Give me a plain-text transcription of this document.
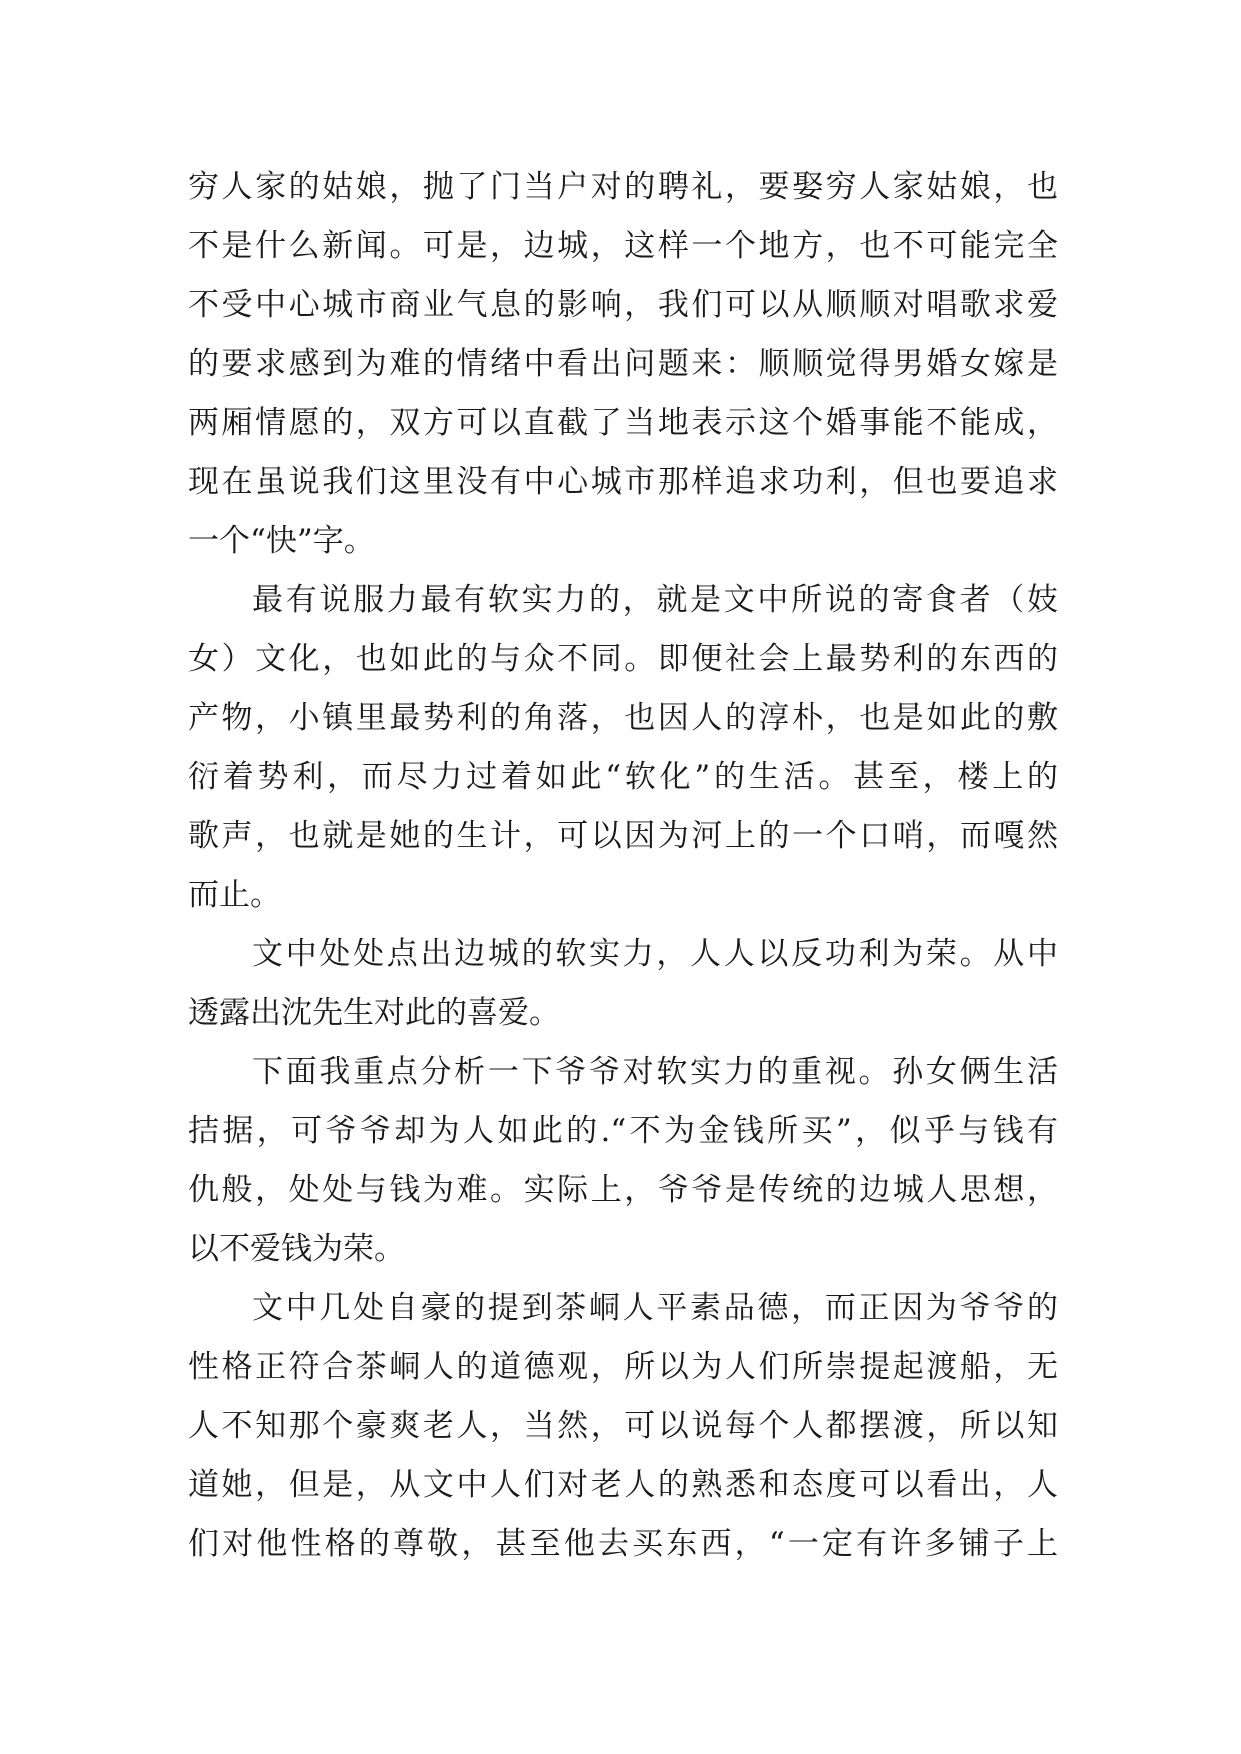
穷人家的姑娘，抛了门当户对的聘礼，要娶穷人家姑娘，也
不是什么新闻。可是，边城，这样一个地方，也不可能完全
不受中心城市商业气息的影响，我们可以从顺顺对唱歌求爱
的要求感到为难的情绪中看出问题来：顺顺觉得男婚女嫁是
两厢情愿的，双方可以直截了当地表示这个婚事能不能成，
现在虽说我们这里没有中心城市那样追求功利，但也要追求
一个“快”字。
最有说服力最有软实力的，就是文中所说的寄食者（妓
女）文化，也如此的与众不同。即便社会上最势利的东西的
产物，小镇里最势利的角落，也因人的淳朴，也是如此的敷
衍着势利，而尽力过着如此“软化”的生活。甚至，楼上的
歌声，也就是她的生计，可以因为河上的一个口哨，而嘎然
而止。
文中处处点出边城的软实力，人人以反功利为荣。从中
透露出沈先生对此的喜爱。
下面我重点分析一下爷爷对软实力的重视。孙女俩生活
拮据，可爷爷却为人如此的.“不为金钱所买”，似乎与钱有
仇般，处处与钱为难。实际上，爷爷是传统的边城人思想，
以不爱钱为荣。
文中几处自豪的提到茶峒人平素品德，而正因为爷爷的
性格正符合茶峒人的道德观，所以为人们所崇提起渡船，无
人不知那个豪爽老人，当然，可以说每个人都摆渡，所以知
道她，但是，从文中人们对老人的熟悉和态度可以看出，人
们对他性格的尊敬，甚至他去买东西，“一定有许多铺子上
